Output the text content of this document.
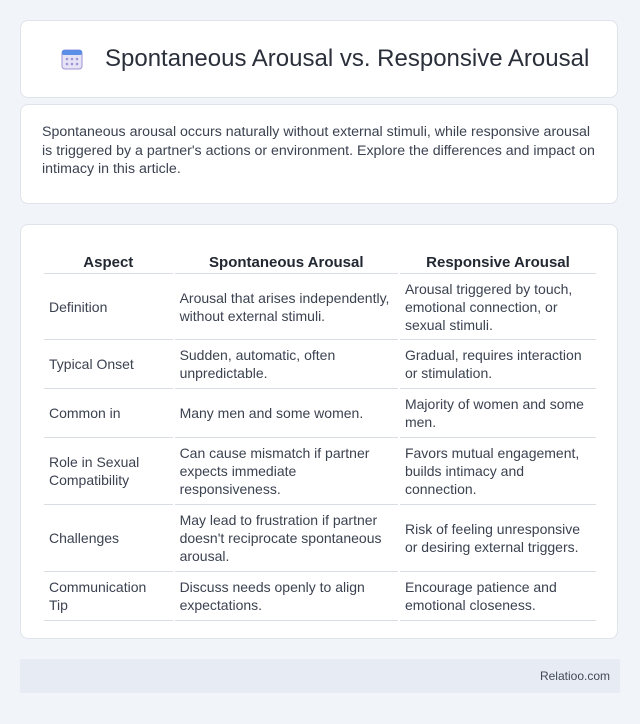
Spontaneous Arousal vs. Responsive Arousal

Spontaneous arousal occurs naturally without external stimuli, while responsive arousal is triggered by a partner's actions or environment. Explore the differences and impact on intimacy in this article.

Aspect	Spontaneous Arousal	Responsive Arousal
Definition	Arousal that arises independently, without external stimuli.	Arousal triggered by touch, emotional connection, or sexual stimuli.
Typical Onset	Sudden, automatic, often unpredictable.	Gradual, requires interaction or stimulation.
Common in	Many men and some women.	Majority of women and some men.
Role in Sexual Compatibility	Can cause mismatch if partner expects immediate responsiveness.	Favors mutual engagement, builds intimacy and connection.
Challenges	May lead to frustration if partner doesn't reciprocate spontaneous arousal.	Risk of feeling unresponsive or desiring external triggers.
Communication Tip	Discuss needs openly to align expectations.	Encourage patience and emotional closeness.
Relatioo.com
